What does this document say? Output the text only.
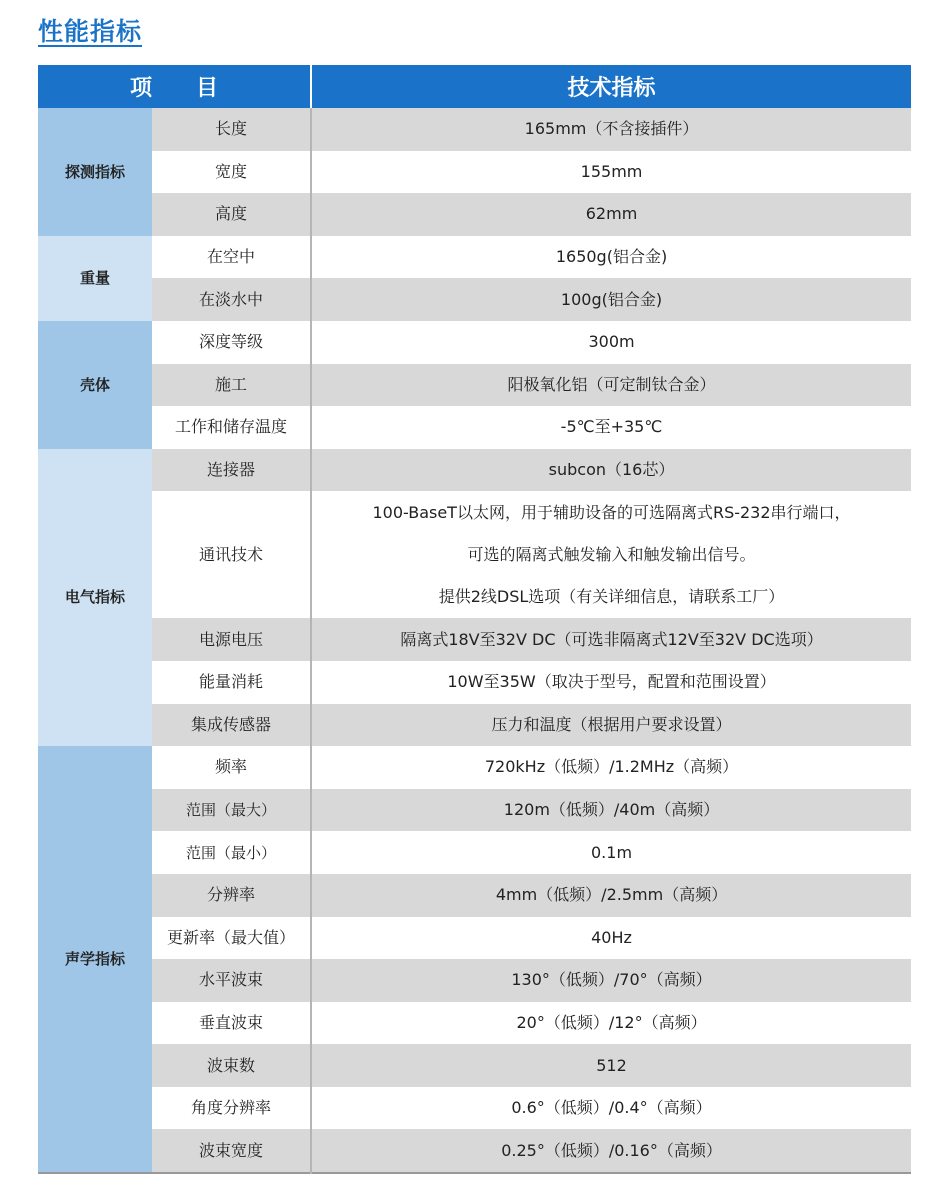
性能指标
项　　目		技术指标
探测指标	长度	165mm（不含接插件）
	宽度	155mm
	高度	62mm
重量	在空中	1650g(铝合金)
	在淡水中	100g(铝合金)
壳体	深度等级	300m
	施工	阳极氧化铝（可定制钛合金）
	工作和储存温度	-5℃至+35℃
电气指标	连接器	subcon（16芯）
	通讯技术	100-BaseT以太网，用于辅助设备的可选隔离式RS-232串行端口，
可选的隔离式触发输入和触发输出信号。
提供2线DSL选项（有关详细信息，请联系工厂）

	电源电压	隔离式18V至32V DC（可选非隔离式12V至32V DC选项）
	能量消耗	10W至35W（取决于型号，配置和范围设置）
	集成传感器	压力和温度（根据用户要求设置）
声学指标	频率	720kHz（低频）/1.2MHz（高频）
	范围（最大）	120m（低频）/40m（高频）
	范围（最小）	0.1m
	分辨率	4mm（低频）/2.5mm（高频）
	更新率（最大值）	40Hz
	水平波束	130°（低频）/70°（高频）
	垂直波束	20°（低频）/12°（高频）
	波束数	512
	角度分辨率	0.6°（低频）/0.4°（高频）
	波束宽度	0.25°（低频）/0.16°（高频）
